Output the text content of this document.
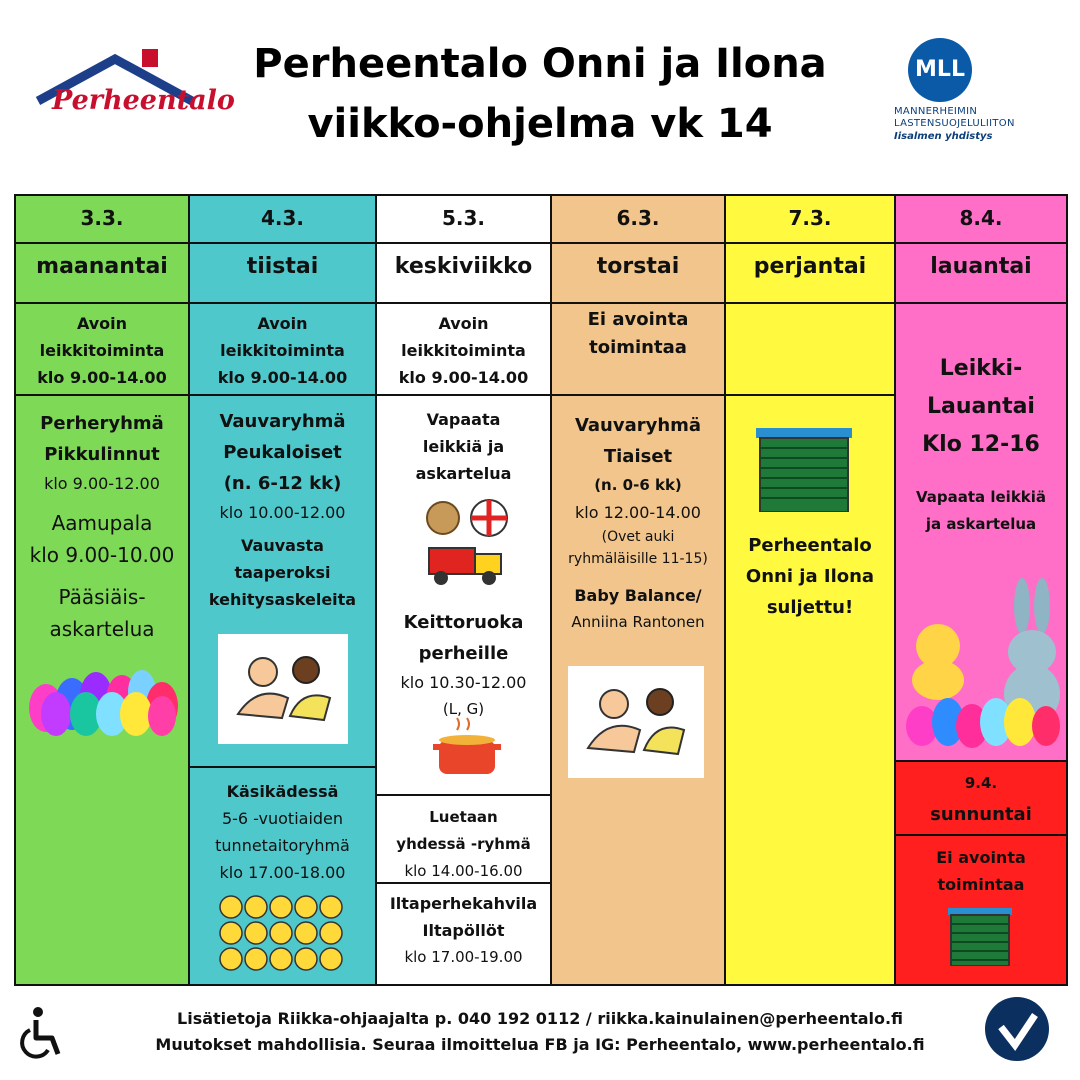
Perheentalo
Perheentalo Onni ja Ilona
viikko-ohjelma vk 14
MLL
MANNERHEIMIN
LASTENSUOJELULIITON
Iisalmen yhdistys
3.3.
maanantai
Avoin
leikkitoiminta
klo 9.00-14.00
Perheryhmä
Pikkulinnut
klo 9.00-12.00
Aamupala
klo 9.00-10.00
Pääsiäis-
askartelua
4.3.
tiistai
Avoin
leikkitoiminta
klo 9.00-14.00
Vauvaryhmä
Peukaloiset
(n. 6-12 kk)
klo 10.00-12.00
Vauvasta
taaperoksi
kehitysaskeleita
Käsikädessä
5-6 -vuotiaiden
tunnetaitoryhmä
klo 17.00-18.00
5.3.
keskiviikko
Avoin
leikkitoiminta
klo 9.00-14.00
Vapaata
leikkiä ja
askartelua
Keittoruoka
perheille
klo 10.30-12.00
(L, G)
Luetaan
yhdessä -ryhmä
klo 14.00-16.00
Iltaperhekahvila
Iltapöllöt
klo 17.00-19.00
6.3.
torstai
Ei avointa
toimintaa
Vauvaryhmä
Tiaiset
(n. 0-6 kk)
klo 12.00-14.00
(Ovet auki
ryhmäläisille 11-15)
Baby Balance/
Anniina Rantonen
7.3.
perjantai
Perheentalo
Onni ja Ilona
suljettu!
8.4.
lauantai
Leikki-
Lauantai
Klo 12-16
Vapaata leikkiä
ja askartelua
9.4.
sunnuntai
Ei avointa
toimintaa
Lisätietoja Riikka-ohjaajalta p. 040 192 0112 / riikka.kainulainen@perheentalo.fi
Muutokset mahdollisia. Seuraa ilmoittelua FB ja IG: Perheentalo, www.perheentalo.fi
